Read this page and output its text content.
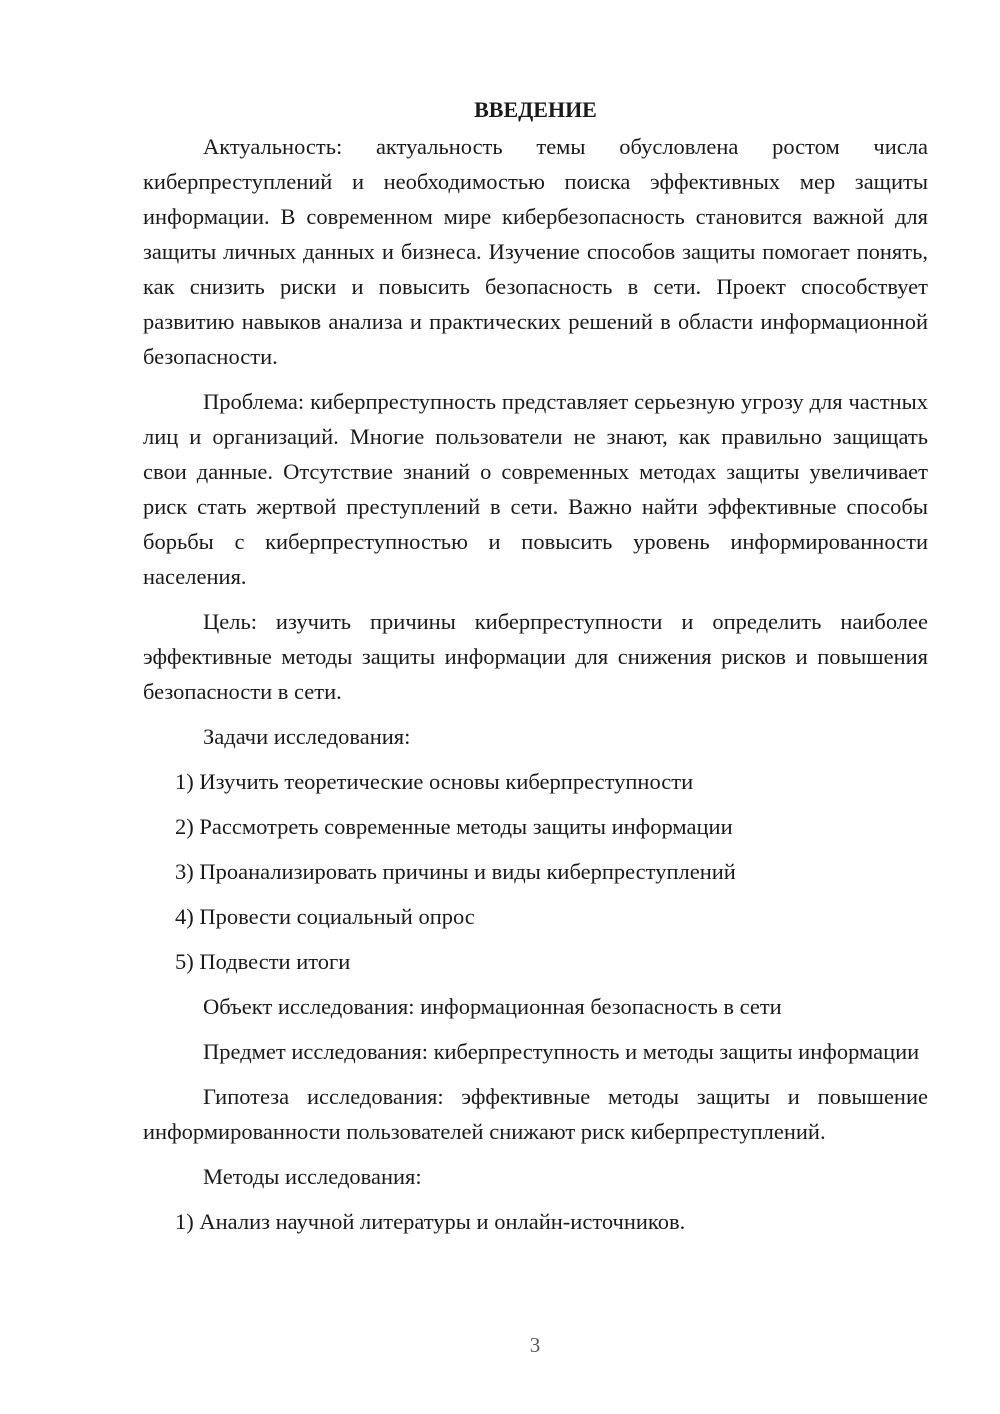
ВВЕДЕНИЕ

Актуальность: актуальность темы обусловлена ростом числа киберпреступлений и необходимостью поиска эффективных мер защиты информации. В современном мире кибербезопасность становится важной для защиты личных данных и бизнеса. Изучение способов защиты помогает понять, как снизить риски и повысить безопасность в сети. Проект способствует развитию навыков анализа и практических решений в области информационной безопасности.

Проблема: киберпреступность представляет серьезную угрозу для частных лиц и организаций. Многие пользователи не знают, как правильно защищать свои данные. Отсутствие знаний о современных методах защиты увеличивает риск стать жертвой преступлений в сети. Важно найти эффективные способы борьбы с киберпреступностью и повысить уровень информированности населения.

Цель: изучить причины киберпреступности и определить наиболее эффективные методы защиты информации для снижения рисков и повышения безопасности в сети.

Задачи исследования:
1) Изучить теоретические основы киберпреступности
2) Рассмотреть современные методы защиты информации
3) Проанализировать причины и виды киберпреступлений
4) Провести социальный опрос
5) Подвести итоги

Объект исследования: информационная безопасность в сети

Предмет исследования: киберпреступность и методы защиты информации

Гипотеза исследования: эффективные методы защиты и повышение информированности пользователей снижают риск киберпреступлений.

Методы исследования:
1) Анализ научной литературы и онлайн-источников.
3
